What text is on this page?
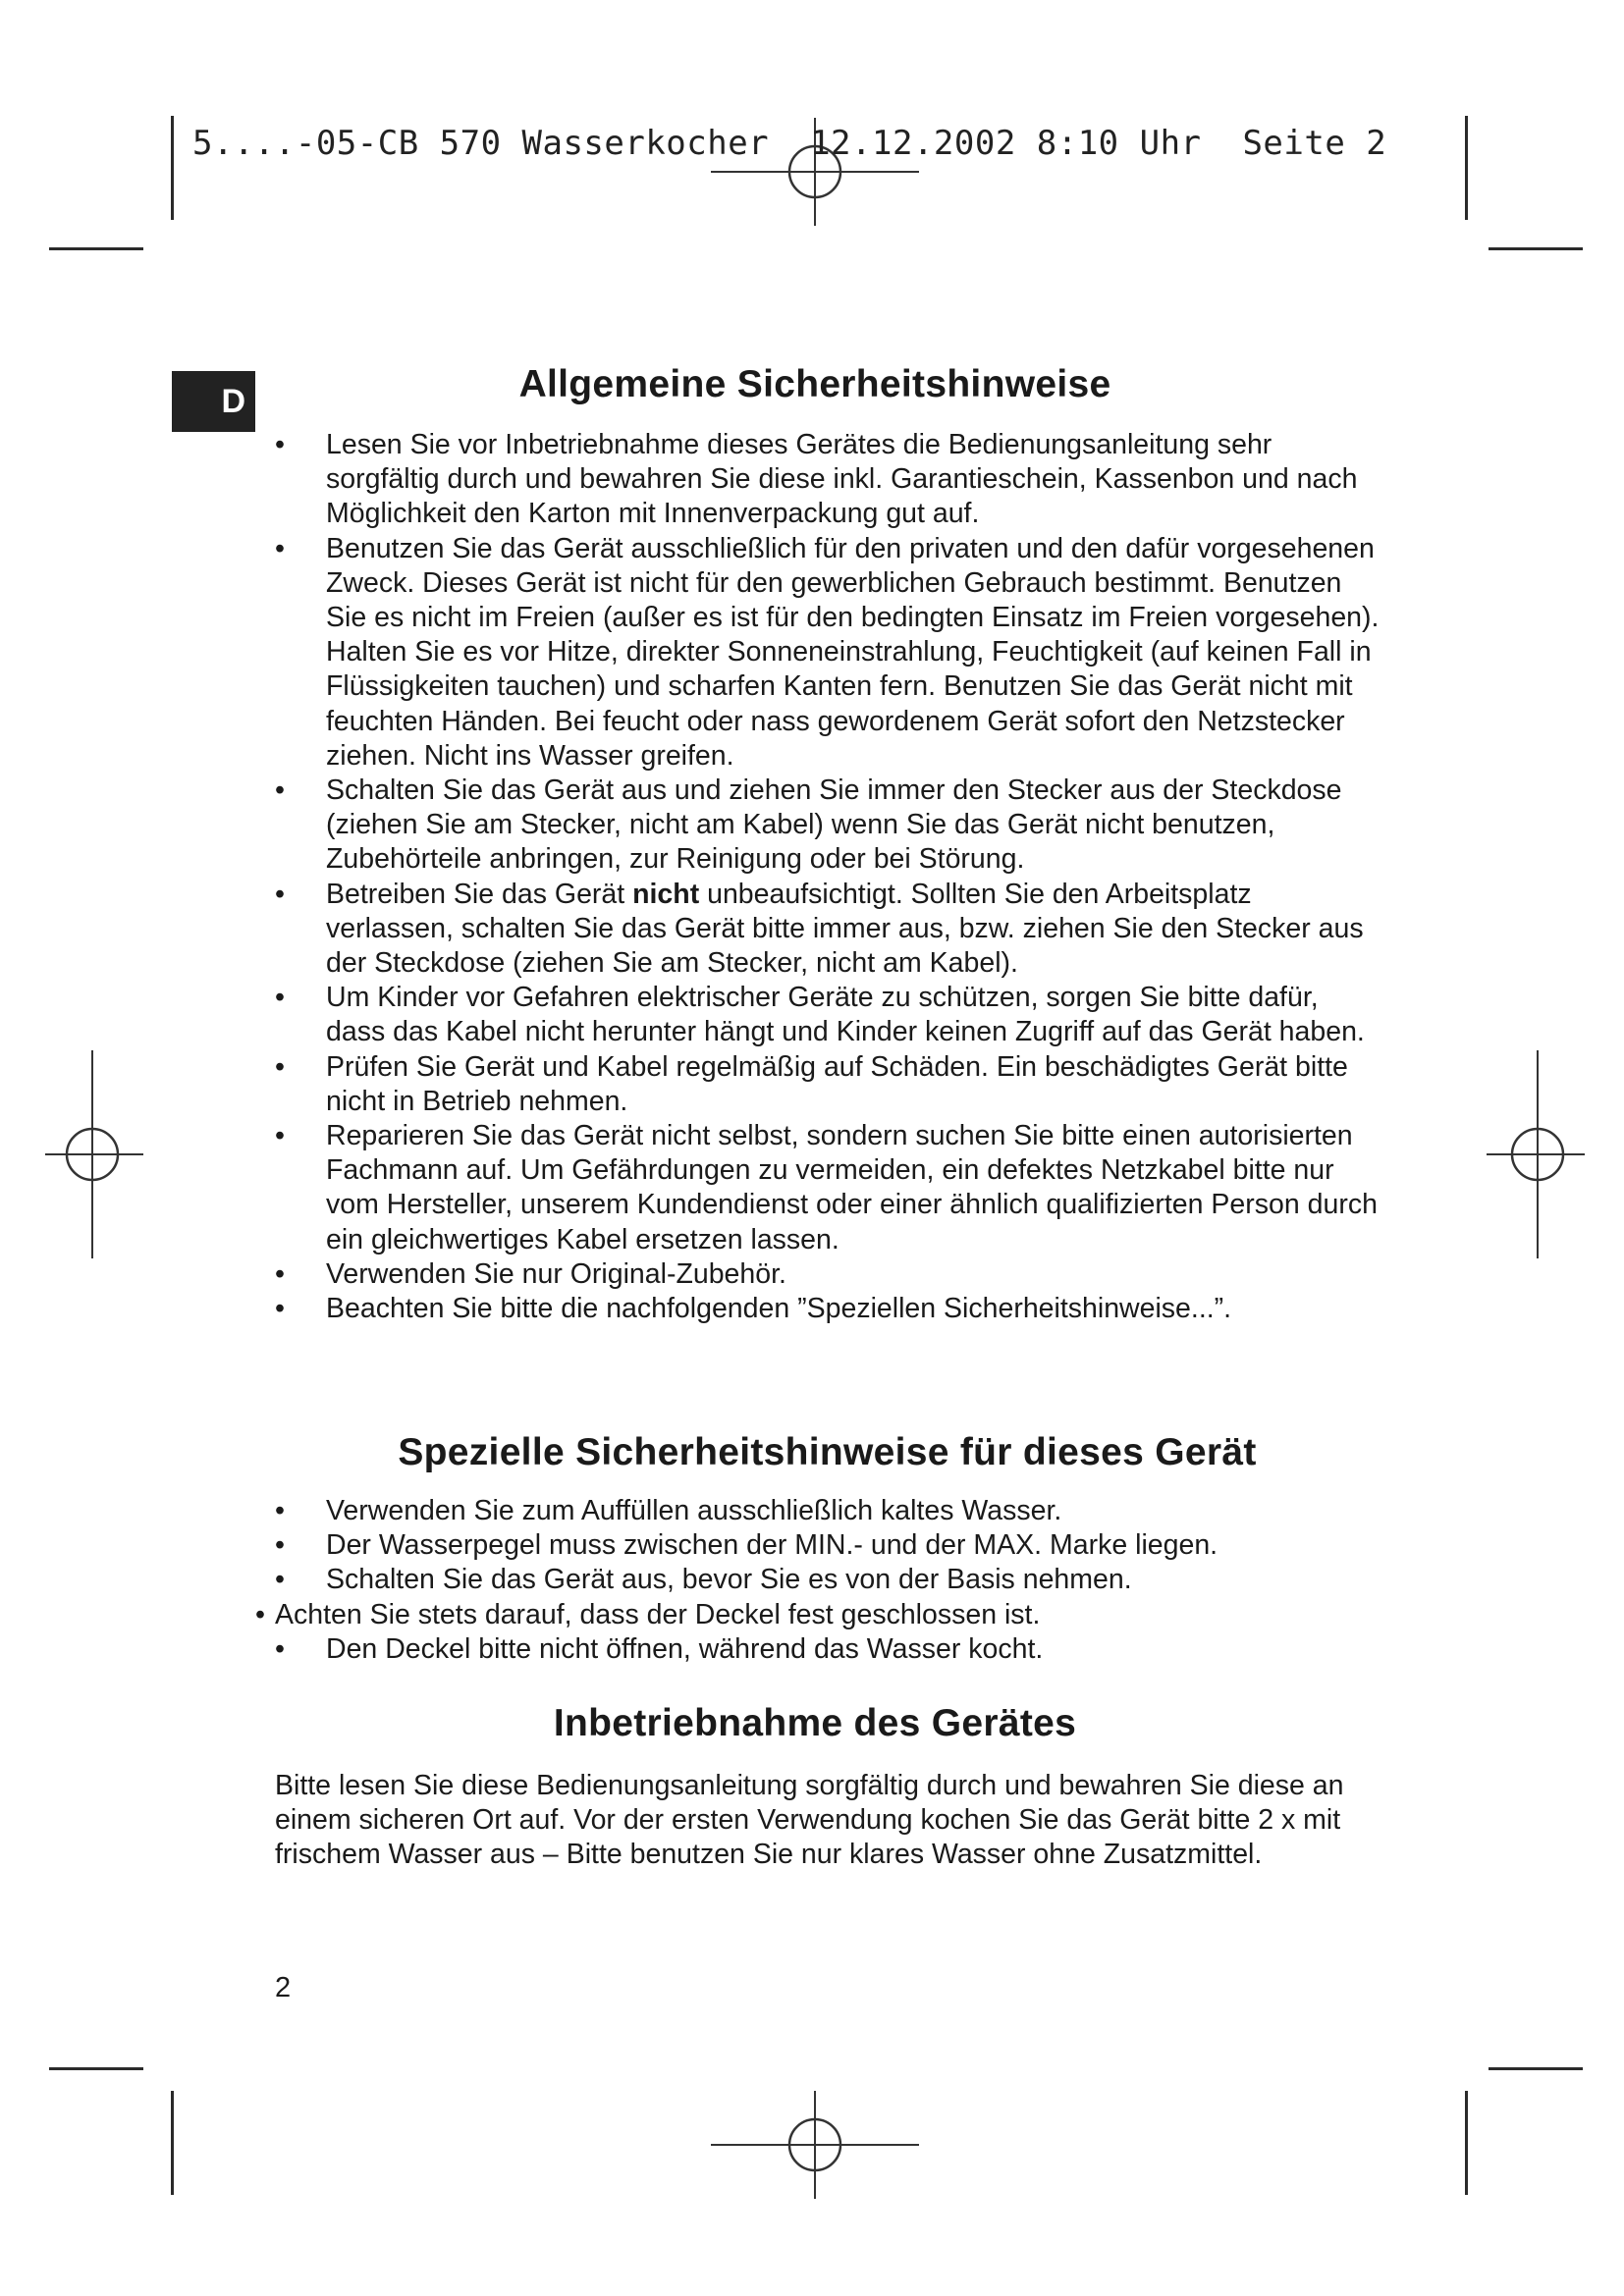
5....-05-CB 570 Wasserkocher  12.12.2002 8:10 Uhr  Seite 2
D	Allgemeine Sicherheitshinweise
• Lesen Sie vor Inbetriebnahme dieses Gerätes die Bedienungsanleitung sehr sorgfältig durch und bewahren Sie diese inkl. Garantieschein, Kassenbon und nach Möglichkeit den Karton mit Innenverpackung gut auf.
• Benutzen Sie das Gerät ausschließlich für den privaten und den dafür vorgesehenen Zweck. Dieses Gerät ist nicht für den gewerblichen Gebrauch bestimmt. Benutzen Sie es nicht im Freien (außer es ist für den bedingten Einsatz im Freien vorgesehen). Halten Sie es vor Hitze, direkter Sonneneinstrahlung, Feuchtigkeit (auf keinen Fall in Flüssigkeiten tauchen) und scharfen Kanten fern. Benutzen Sie das Gerät nicht mit feuchten Händen. Bei feucht oder nass gewordenem Gerät sofort den Netzstecker ziehen. Nicht ins Wasser greifen.
• Schalten Sie das Gerät aus und ziehen Sie immer den Stecker aus der Steckdose (ziehen Sie am Stecker, nicht am Kabel) wenn Sie das Gerät nicht benutzen, Zubehörteile anbringen, zur Reinigung oder bei Störung.
• Betreiben Sie das Gerät nicht unbeaufsichtigt. Sollten Sie den Arbeitsplatz verlassen, schalten Sie das Gerät bitte immer aus, bzw. ziehen Sie den Stecker aus der Steckdose (ziehen Sie am Stecker, nicht am Kabel).
• Um Kinder vor Gefahren elektrischer Geräte zu schützen, sorgen Sie bitte dafür, dass das Kabel nicht herunter hängt und Kinder keinen Zugriff auf das Gerät haben.
• Prüfen Sie Gerät und Kabel regelmäßig auf Schäden. Ein beschädigtes Gerät bitte nicht in Betrieb nehmen.
• Reparieren Sie das Gerät nicht selbst, sondern suchen Sie bitte einen autorisierten Fachmann auf. Um Gefährdungen zu vermeiden, ein defektes Netzkabel bitte nur vom Hersteller, unserem Kundendienst oder einer ähnlich qualifizierten Person durch ein gleichwertiges Kabel ersetzen lassen.
• Verwenden Sie nur Original-Zubehör.
• Beachten Sie bitte die nachfolgenden ”Speziellen Sicherheitshinweise...”.
Spezielle Sicherheitshinweise für dieses Gerät
• Verwenden Sie zum Auffüllen ausschließlich kaltes Wasser.
• Der Wasserpegel muss zwischen der MIN.- und der MAX. Marke liegen.
• Schalten Sie das Gerät aus, bevor Sie es von der Basis nehmen.
• Achten Sie stets darauf, dass der Deckel fest geschlossen ist.
• Den Deckel bitte nicht öffnen, während das Wasser kocht.
Inbetriebnahme des Gerätes

Bitte lesen Sie diese Bedienungsanleitung sorgfältig durch und bewahren Sie diese an einem sicheren Ort auf. Vor der ersten Verwendung kochen Sie das Gerät bitte 2 x mit frischem Wasser aus – Bitte benutzen Sie nur klares Wasser ohne Zusatzmittel.

2
